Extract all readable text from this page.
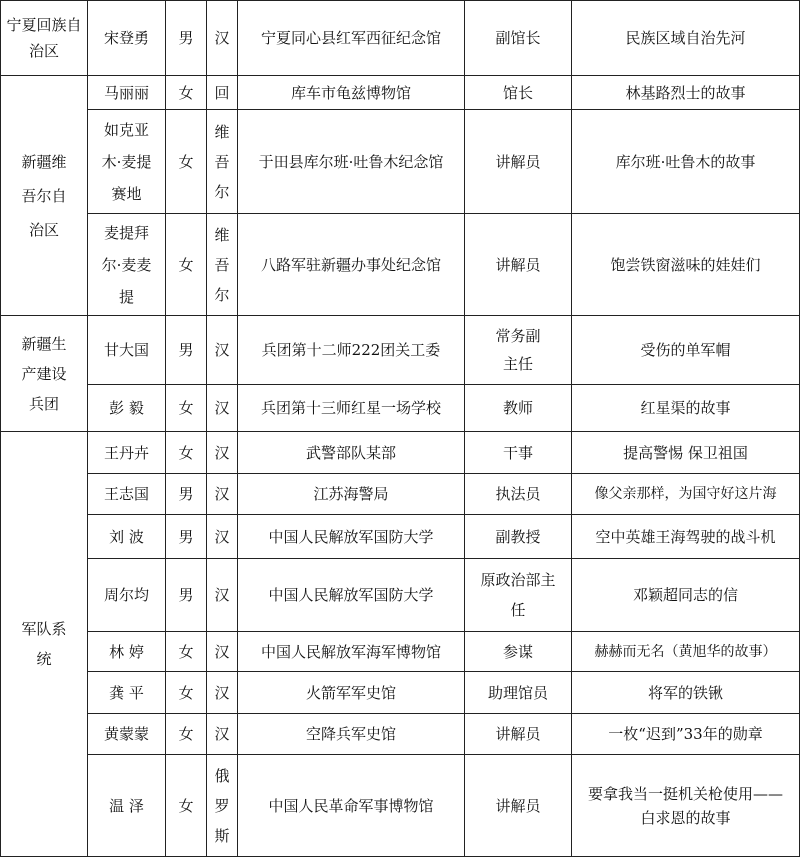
宁夏回族自治区	宋登勇	男	汉	宁夏同心县红军西征纪念馆	副馆长	民族区域自治先河
新疆维吾尔自治区	马丽丽	女	回	库车市龟兹博物馆	馆长	林基路烈士的故事
	如克亚木·麦提赛地	女	维吾尔	于田县库尔班·吐鲁木纪念馆	讲解员	库尔班·吐鲁木的故事
	麦提拜尔·麦麦提	女	维吾尔	八路军驻新疆办事处纪念馆	讲解员	饱尝铁窗滋味的娃娃们
新疆生产建设兵团	甘大国	男	汉	兵团第十二师222团关工委	常务副主任	受伤的单军帽
	彭 毅	女	汉	兵团第十三师红星一场学校	教师	红星渠的故事
军队系统	王丹卉	女	汉	武警部队某部	干事	提高警惕 保卫祖国
	王志国	男	汉	江苏海警局	执法员	像父亲那样，为国守好这片海
	刘 波	男	汉	中国人民解放军国防大学	副教授	空中英雄王海驾驶的战斗机
	周尔均	男	汉	中国人民解放军国防大学	原政治部主任	邓颖超同志的信
	林 婷	女	汉	中国人民解放军海军博物馆	参谋	赫赫而无名（黄旭华的故事）
	龚 平	女	汉	火箭军军史馆	助理馆员	将军的铁锹
	黄蒙蒙	女	汉	空降兵军史馆	讲解员	一枚“迟到”33年的勋章
	温 泽	女	俄罗斯	中国人民革命军事博物馆	讲解员	要拿我当一挺机关枪使用——白求恩的故事
